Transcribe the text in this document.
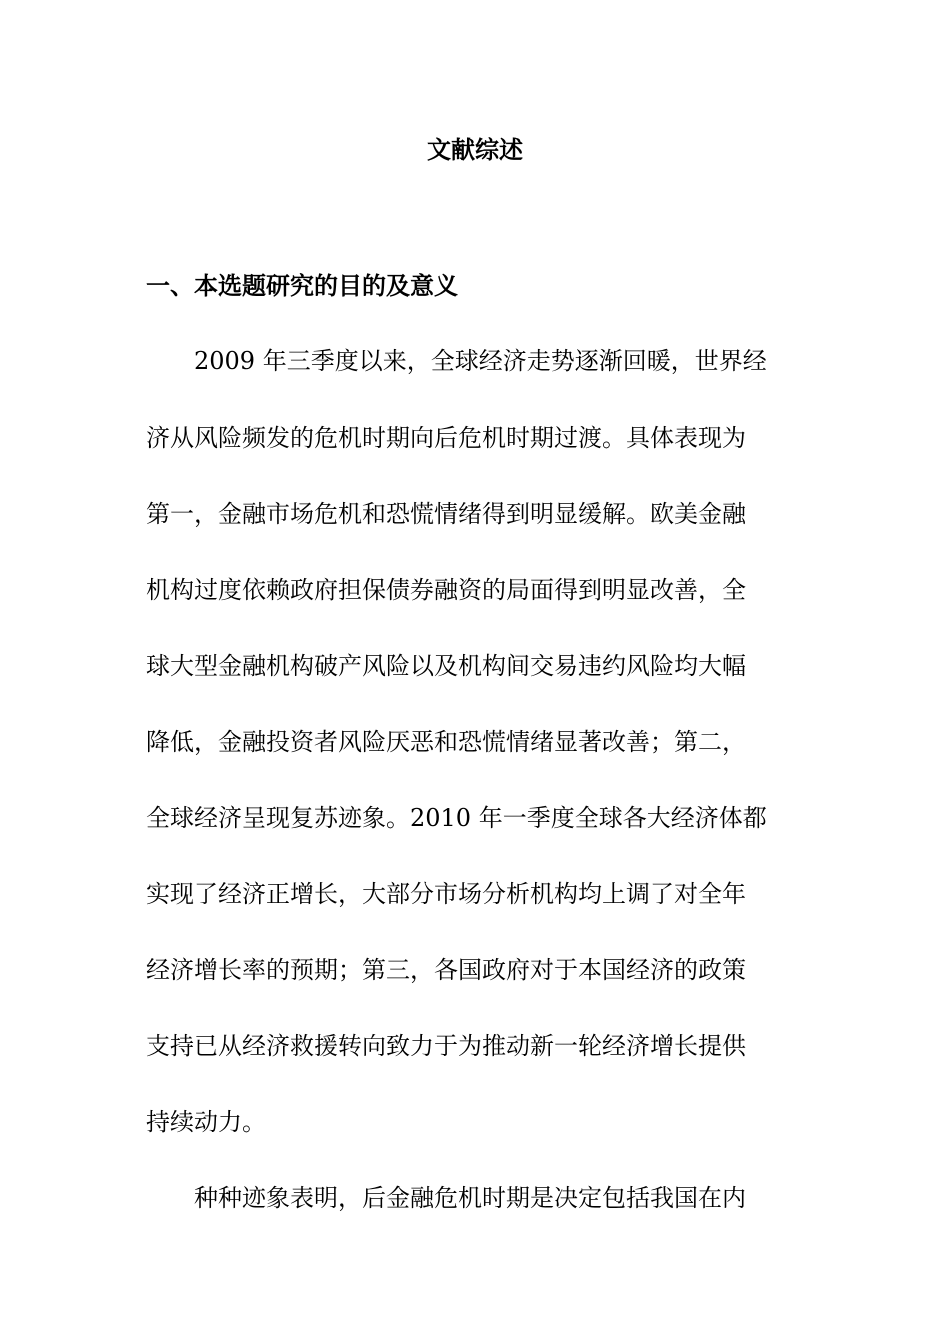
文献综述
一、本选题研究的目的及意义
2009 年三季度以来，全球经济走势逐渐回暖，世界经
济从风险频发的危机时期向后危机时期过渡。具体表现为
第一，金融市场危机和恐慌情绪得到明显缓解。欧美金融
机构过度依赖政府担保债券融资的局面得到明显改善，全
球大型金融机构破产风险以及机构间交易违约风险均大幅
降低，金融投资者风险厌恶和恐慌情绪显著改善；第二，
全球经济呈现复苏迹象。2010 年一季度全球各大经济体都
实现了经济正增长，大部分市场分析机构均上调了对全年
经济增长率的预期；第三，各国政府对于本国经济的政策
支持已从经济救援转向致力于为推动新一轮经济增长提供
持续动力。
种种迹象表明，后金融危机时期是决定包括我国在内
